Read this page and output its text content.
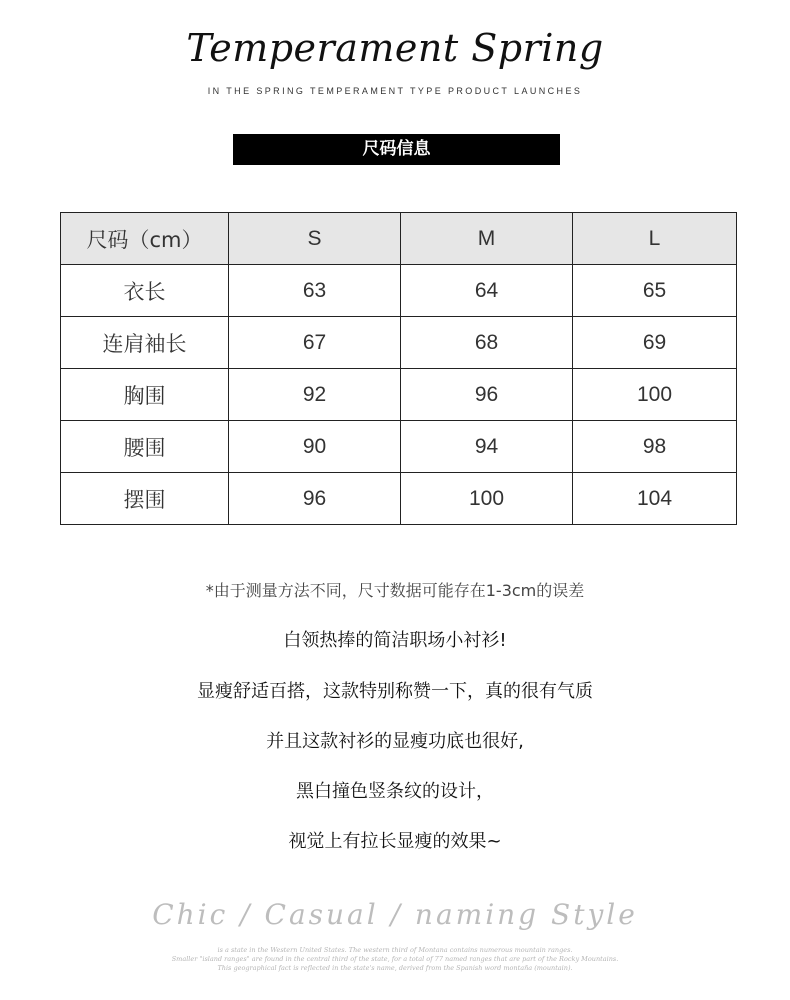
Temperament Spring
IN THE SPRING TEMPERAMENT TYPE PRODUCT LAUNCHES
尺码信息
尺码（cm）	S	M	L
衣长	63	64	65
连肩袖长	67	68	69
胸围	92	96	100
腰围	90	94	98
摆围	96	100	104
*由于测量方法不同，尺寸数据可能存在1-3cm的误差
白领热捧的简洁职场小衬衫!
显瘦舒适百搭，这款特别称赞一下，真的很有气质
并且这款衬衫的显瘦功底也很好,
黑白撞色竖条纹的设计，
视觉上有拉长显瘦的效果~
Chic / Casual / naming Style
is a state in the Western United States. The western third of Montana contains numerous mountain ranges.
Smaller "island ranges" are found in the central third of the state, for a total of 77 named ranges that are part of the Rocky Mountains.
This geographical fact is reflected in the state's name, derived from the Spanish word montaña (mountain).
